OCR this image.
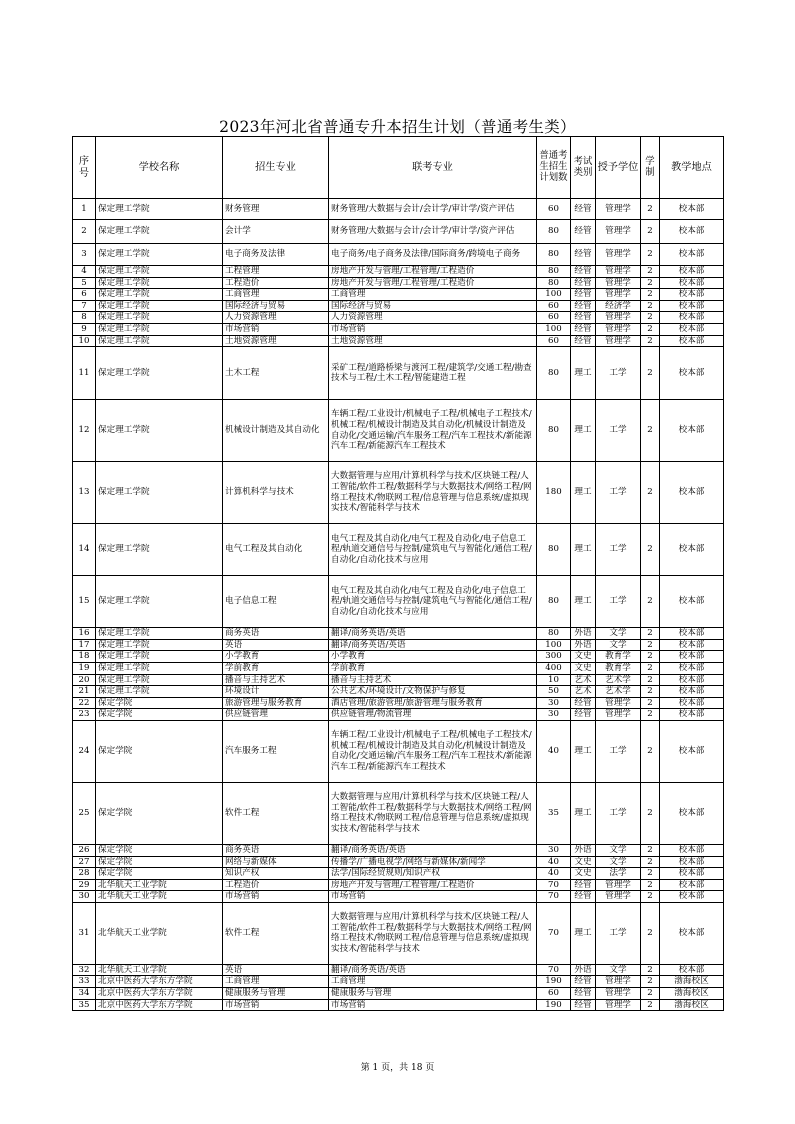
2023年河北省普通专升本招生计划（普通考生类）
序号	学校名称	招生专业	联考专业	普通考生招生计划数	考试类别	授予学位	学制	教学地点
1	保定理工学院	财务管理	财务管理/大数据与会计/会计学/审计学/资产评估	60	经管	管理学	2	校本部
2	保定理工学院	会计学	财务管理/大数据与会计/会计学/审计学/资产评估	80	经管	管理学	2	校本部
3	保定理工学院	电子商务及法律	电子商务/电子商务及法律/国际商务/跨境电子商务	80	经管	管理学	2	校本部
4	保定理工学院	工程管理	房地产开发与管理/工程管理/工程造价	80	经管	管理学	2	校本部
5	保定理工学院	工程造价	房地产开发与管理/工程管理/工程造价	80	经管	管理学	2	校本部
6	保定理工学院	工商管理	工商管理	100	经管	管理学	2	校本部
7	保定理工学院	国际经济与贸易	国际经济与贸易	60	经管	经济学	2	校本部
8	保定理工学院	人力资源管理	人力资源管理	60	经管	管理学	2	校本部
9	保定理工学院	市场营销	市场营销	100	经管	管理学	2	校本部
10	保定理工学院	土地资源管理	土地资源管理	60	经管	管理学	2	校本部
11	保定理工学院	土木工程	采矿工程/道路桥梁与渡河工程/建筑学/交通工程/勘查技术与工程/土木工程/智能建造工程	80	理工	工学	2	校本部
12	保定理工学院	机械设计制造及其自动化	车辆工程/工业设计/机械电子工程/机械电子工程技术/机械工程/机械设计制造及其自动化/机械设计制造及自动化/交通运输/汽车服务工程/汽车工程技术/新能源汽车工程/新能源汽车工程技术	80	理工	工学	2	校本部
13	保定理工学院	计算机科学与技术	大数据管理与应用/计算机科学与技术/区块链工程/人工智能/软件工程/数据科学与大数据技术/网络工程/网络工程技术/物联网工程/信息管理与信息系统/虚拟现实技术/智能科学与技术	180	理工	工学	2	校本部
14	保定理工学院	电气工程及其自动化	电气工程及其自动化/电气工程及自动化/电子信息工程/轨道交通信号与控制/建筑电气与智能化/通信工程/自动化/自动化技术与应用	80	理工	工学	2	校本部
15	保定理工学院	电子信息工程	电气工程及其自动化/电气工程及自动化/电子信息工程/轨道交通信号与控制/建筑电气与智能化/通信工程/自动化/自动化技术与应用	80	理工	工学	2	校本部
16	保定理工学院	商务英语	翻译/商务英语/英语	80	外语	文学	2	校本部
17	保定理工学院	英语	翻译/商务英语/英语	100	外语	文学	2	校本部
18	保定理工学院	小学教育	小学教育	300	文史	教育学	2	校本部
19	保定理工学院	学前教育	学前教育	400	文史	教育学	2	校本部
20	保定理工学院	播音与主持艺术	播音与主持艺术	10	艺术	艺术学	2	校本部
21	保定理工学院	环境设计	公共艺术/环境设计/文物保护与修复	50	艺术	艺术学	2	校本部
22	保定学院	旅游管理与服务教育	酒店管理/旅游管理/旅游管理与服务教育	30	经管	管理学	2	校本部
23	保定学院	供应链管理	供应链管理/物流管理	30	经管	管理学	2	校本部
24	保定学院	汽车服务工程	车辆工程/工业设计/机械电子工程/机械电子工程技术/机械工程/机械设计制造及其自动化/机械设计制造及自动化/交通运输/汽车服务工程/汽车工程技术/新能源汽车工程/新能源汽车工程技术	40	理工	工学	2	校本部
25	保定学院	软件工程	大数据管理与应用/计算机科学与技术/区块链工程/人工智能/软件工程/数据科学与大数据技术/网络工程/网络工程技术/物联网工程/信息管理与信息系统/虚拟现实技术/智能科学与技术	35	理工	工学	2	校本部
26	保定学院	商务英语	翻译/商务英语/英语	30	外语	文学	2	校本部
27	保定学院	网络与新媒体	传播学/广播电视学/网络与新媒体/新闻学	40	文史	文学	2	校本部
28	保定学院	知识产权	法学/国际经贸规则/知识产权	40	文史	法学	2	校本部
29	北华航天工业学院	工程造价	房地产开发与管理/工程管理/工程造价	70	经管	管理学	2	校本部
30	北华航天工业学院	市场营销	市场营销	70	经管	管理学	2	校本部
31	北华航天工业学院	软件工程	大数据管理与应用/计算机科学与技术/区块链工程/人工智能/软件工程/数据科学与大数据技术/网络工程/网络工程技术/物联网工程/信息管理与信息系统/虚拟现实技术/智能科学与技术	70	理工	工学	2	校本部
32	北华航天工业学院	英语	翻译/商务英语/英语	70	外语	文学	2	校本部
33	北京中医药大学东方学院	工商管理	工商管理	190	经管	管理学	2	渤海校区
34	北京中医药大学东方学院	健康服务与管理	健康服务与管理	60	经管	管理学	2	渤海校区
35	北京中医药大学东方学院	市场营销	市场营销	190	经管	管理学	2	渤海校区
第 1 页，共 18 页
